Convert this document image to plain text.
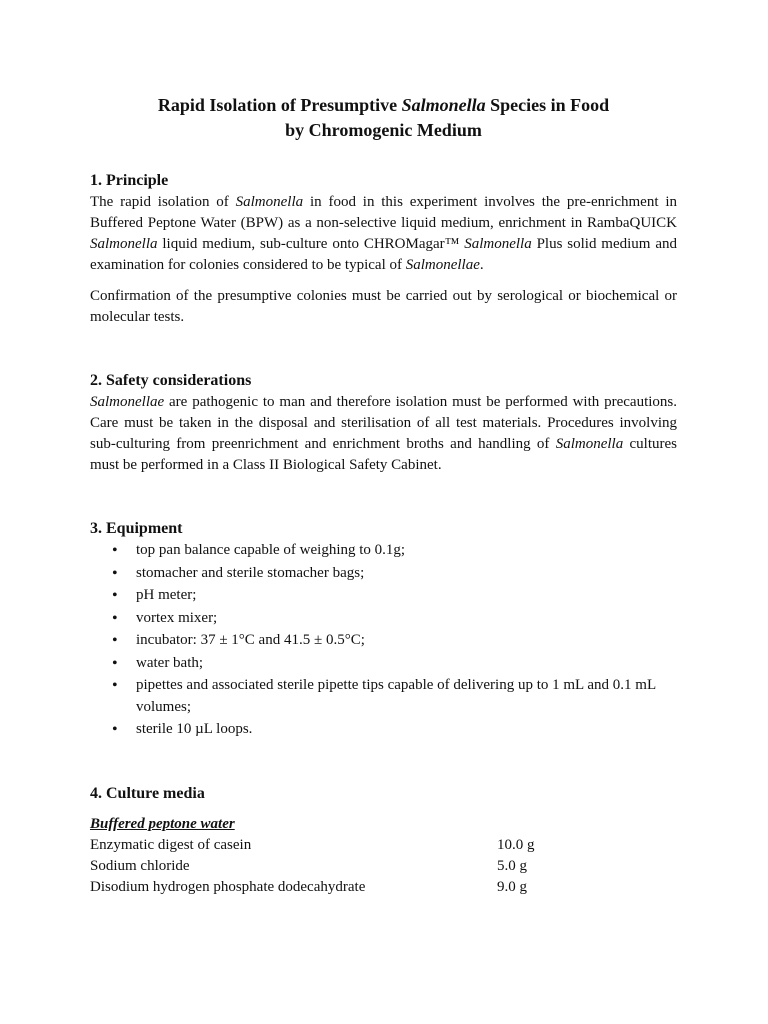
Rapid Isolation of Presumptive Salmonella Species in Food
by Chromogenic Medium
1. Principle

The rapid isolation of Salmonella in food in this experiment involves the pre-enrichment in Buffered Peptone Water (BPW) as a non-selective liquid medium, enrichment in RambaQUICK Salmonella liquid medium, sub-culture onto CHROMagar™ Salmonella Plus solid medium and examination for colonies considered to be typical of Salmonellae.

Confirmation of the presumptive colonies must be carried out by serological or biochemical or molecular tests.

2. Safety considerations

Salmonellae are pathogenic to man and therefore isolation must be performed with precautions. Care must be taken in the disposal and sterilisation of all test materials. Procedures involving sub-culturing from preenrichment and enrichment broths and handling of Salmonella cultures must be performed in a Class II Biological Safety Cabinet.

3. Equipment
• top pan balance capable of weighing to 0.1g;
• stomacher and sterile stomacher bags;
• pH meter;
• vortex mixer;
• incubator: 37 ± 1°C and 41.5 ± 0.5°C;
• water bath;
• pipettes and associated sterile pipette tips capable of delivering up to 1 mL and 0.1 mL volumes;
• sterile 10 µL loops.
4. Culture media
Buffered peptone water
Enzymatic digest of casein	10.0 g
Sodium chloride	5.0 g
Disodium hydrogen phosphate dodecahydrate	9.0 g
